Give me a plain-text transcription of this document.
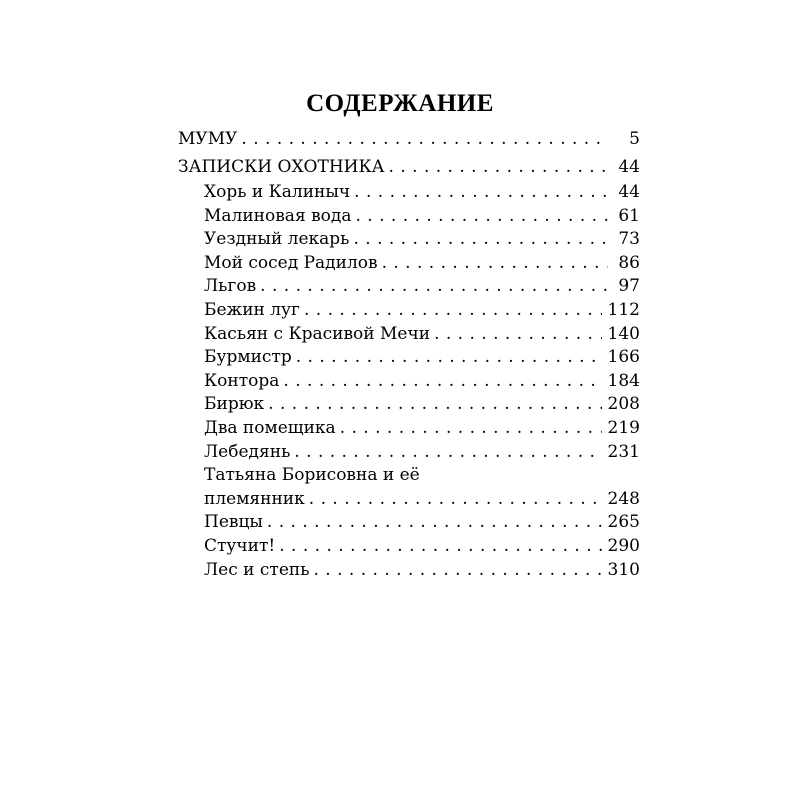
СОДЕРЖАНИЕ
МУМУ . . .	5
ЗАПИСКИ ОХОТНИКА . . .	44
Хорь и Калиныч . . .	44
Малиновая вода . . .	61
Уездный лекарь . . .	73
Мой сосед Радилов . . .	86
Льгов . . .	97
Бежин луг . . .	112
Касьян с Красивой Мечи . . .	140
Бурмистр . . .	166
Контора . . .	184
Бирюк . . .	208
Два помещика . . .	219
Лебедянь . . .	231
Татьяна Борисовна и её
племянник . . .	248
Певцы . . .	265
Стучит! . . .	290
Лес и степь . . .	310
